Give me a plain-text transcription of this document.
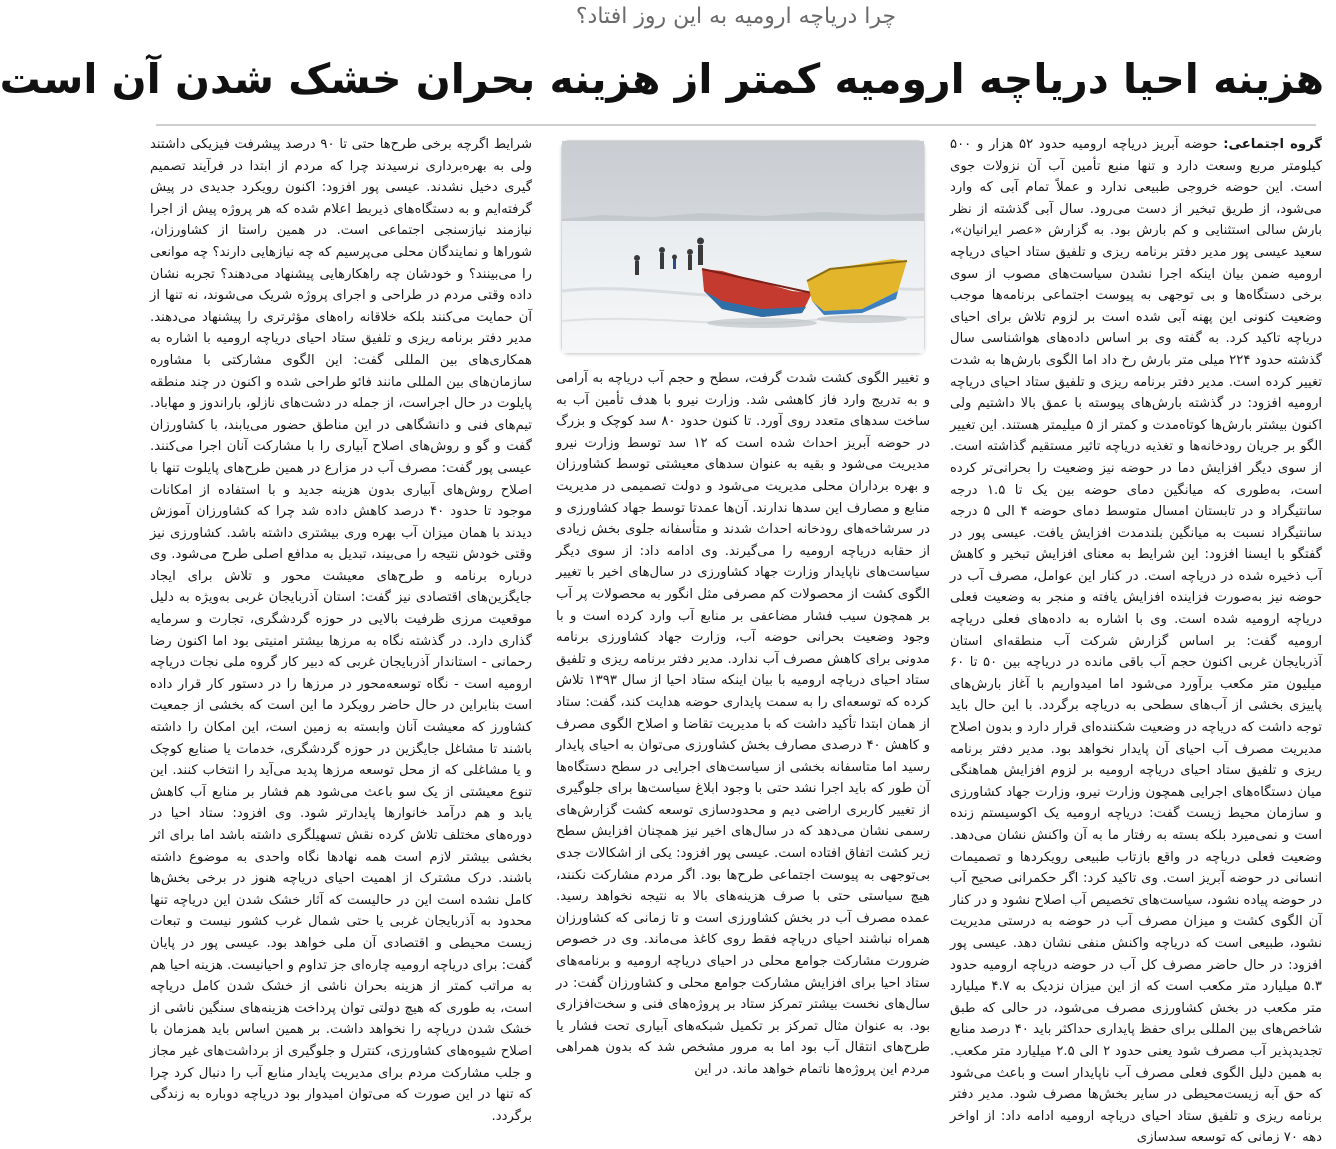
چرا دریاچه ارومیه به این روز افتاد؟
هزینه احیا دریاچه ارومیه کمتر از هزینه بحران خشک شدن آن است

گروه اجتماعی: حوضه آبریز دریاچه ارومیه حدود ۵۲ هزار و ۵۰۰ کیلومتر مربع وسعت دارد و تنها منبع تأمین آب آن نزولات جوی است. این حوضه خروجی طبیعی ندارد و عملاً تمام آبی که وارد می‌شود، از طریق تبخیر از دست می‌رود. سال آبی گذشته از نظر بارش سالی استثنایی و کم بارش بود. به گزارش «عصر ایرانیان»، سعید عیسی پور مدیر دفتر برنامه ریزی و تلفیق ستاد احیای دریاچه ارومیه ضمن بیان اینکه اجرا نشدن سیاست‌های مصوب از سوی برخی دستگاه‌ها و بی توجهی به پیوست اجتماعی برنامه‌ها موجب وضعیت کنونی این پهنه آبی شده است بر لزوم تلاش برای احیای دریاچه تاکید کرد. به گفته وی بر اساس داده‌های هواشناسی سال گذشته حدود ۲۲۴ میلی متر بارش رخ داد اما الگوی بارش‌ها به شدت تغییر کرده است. مدیر دفتر برنامه ریزی و تلفیق ستاد احیای دریاچه ارومیه افزود: در گذشته بارش‌های پیوسته با عمق بالا داشتیم ولی اکنون بیشتر بارش‌ها کوتاه‌مدت و کمتر از ۵ میلیمتر هستند. این تغییر الگو بر جریان رودخانه‌ها و تغذیه دریاچه تاثیر مستقیم گذاشته است. از سوی دیگر افزایش دما در حوضه نیز وضعیت را بحرانی‌تر کرده است، به‌طوری که میانگین دمای حوضه بین یک تا ۱.۵ درجه سانتیگراد و در تابستان امسال متوسط دمای حوضه ۴ الی ۵ درجه سانتیگراد نسبت به میانگین بلندمدت افزایش یافت. عیسی پور در گفتگو با ایسنا افزود: این شرایط به معنای افزایش تبخیر و کاهش آب ذخیره شده در دریاچه است. در کنار این عوامل، مصرف آب در حوضه نیز به‌صورت فزاینده افزایش یافته و منجر به وضعیت فعلی دریاچه ارومیه شده است. وی با اشاره به داده‌های فعلی دریاچه ارومیه گفت: بر اساس گزارش شرکت آب منطقه‌ای استان آذربایجان غربی اکنون حجم آب باقی مانده در دریاچه بین ۵۰ تا ۶۰ میلیون متر مکعب برآورد می‌شود اما امیدواریم با آغاز بارش‌های پاییزی بخشی از آب‌های سطحی به دریاچه برگردد. با این حال باید توجه داشت که دریاچه در وضعیت شکننده‌ای قرار دارد و بدون اصلاح مدیریت مصرف آب احیای آن پایدار نخواهد بود. مدیر دفتر برنامه ریزی و تلفیق ستاد احیای دریاچه ارومیه بر لزوم افزایش هماهنگی میان دستگاه‌های اجرایی همچون وزارت نیرو، وزارت جهاد کشاورزی و سازمان محیط زیست گفت: دریاچه ارومیه یک اکوسیستم زنده است و نمی‌میرد بلکه بسته به رفتار ما به آن واکنش نشان می‌دهد. وضعیت فعلی دریاچه در واقع بازتاب طبیعی رویکردها و تصمیمات انسانی در حوضه آبریز است. وی تاکید کرد: اگر حکمرانی صحیح آب در حوضه پیاده نشود، سیاست‌های تخصیص آب اصلاح نشود و در کنار آن الگوی کشت و میزان مصرف آب در حوضه به درستی مدیریت نشود، طبیعی است که دریاچه واکنش منفی نشان دهد. عیسی پور افزود: در حال حاضر مصرف کل آب در حوضه دریاچه ارومیه حدود ۵.۳ میلیارد متر مکعب است که از این میزان نزدیک به ۴.۷ میلیارد متر مکعب در بخش کشاورزی مصرف می‌شود، در حالی که طبق شاخص‌های بین المللی برای حفظ پایداری حداکثر باید ۴۰ درصد منابع تجدیدپذیر آب مصرف شود یعنی حدود ۲ الی ۲.۵ میلیارد متر مکعب. به همین دلیل الگوی فعلی مصرف آب ناپایدار است و باعث می‌شود که حق آبه زیست‌محیطی در سایر بخش‌ها مصرف شود. مدیر دفتر برنامه ریزی و تلفیق ستاد احیای دریاچه ارومیه ادامه داد: از اواخر دهه ۷۰ زمانی که توسعه سدسازی

و تغییر الگوی کشت شدت گرفت، سطح و حجم آب دریاچه به آرامی و به تدریج وارد فاز کاهشی شد. وزارت نیرو با هدف تأمین آب به ساخت سدهای متعدد روی آورد. تا کنون حدود ۸۰ سد کوچک و بزرگ در حوضه آبریز احداث شده است که ۱۲ سد توسط وزارت نیرو مدیریت می‌شود و بقیه به عنوان سدهای معیشتی توسط کشاورزان و بهره برداران محلی مدیریت می‌شود و دولت تصمیمی در مدیریت منابع و مصارف این سدها ندارند. آن‌ها عمدتا توسط جهاد کشاورزی و در سرشاخه‌های رودخانه احداث شدند و متأسفانه جلوی بخش زیادی از حقابه دریاچه ارومیه را می‌گیرند. وی ادامه داد: از سوی دیگر سیاست‌های ناپایدار وزارت جهاد کشاورزی در سال‌های اخیر با تغییر الگوی کشت از محصولات کم مصرفی مثل انگور به محصولات پر آب بر همچون سیب فشار مضاعفی بر منابع آب وارد کرده است و با وجود وضعیت بحرانی حوضه آب، وزارت جهاد کشاورزی برنامه مدونی برای کاهش مصرف آب ندارد. مدیر دفتر برنامه ریزی و تلفیق ستاد احیای دریاچه ارومیه با بیان اینکه ستاد احیا از سال ۱۳۹۳ تلاش کرده که توسعه‌ای را به سمت پایداری حوضه هدایت کند، گفت: ستاد از همان ابتدا تأکید داشت که با مدیریت تقاضا و اصلاح الگوی مصرف و کاهش ۴۰ درصدی مصارف بخش کشاورزی می‌توان به احیای پایدار رسید اما متاسفانه بخشی از سیاست‌های اجرایی در سطح دستگاه‌ها آن طور که باید اجرا نشد حتی با وجود ابلاغ سیاست‌ها برای جلوگیری از تغییر کاربری اراضی دیم و محدودسازی توسعه کشت گزارش‌های رسمی نشان می‌دهد که در سال‌های اخیر نیز همچنان افزایش سطح زیر کشت اتفاق افتاده است. عیسی پور افزود: یکی از اشکالات جدی بی‌توجهی به پیوست اجتماعی طرح‌ها بود. اگر مردم مشارکت نکنند، هیچ سیاستی حتی با صرف هزینه‌های بالا به نتیجه نخواهد رسید. عمده مصرف آب در بخش کشاورزی است و تا زمانی که کشاورزان همراه نباشند احیای دریاچه فقط روی کاغذ می‌ماند. وی در خصوص ضرورت مشارکت جوامع محلی در احیای دریاچه ارومیه و برنامه‌های ستاد احیا برای افزایش مشارکت جوامع محلی و کشاورزان گفت: در سال‌های نخست بیشتر تمرکز ستاد بر پروژه‌های فنی و سخت‌افزاری بود. به عنوان مثال تمرکز بر تکمیل شبکه‌های آبیاری تحت فشار یا طرح‌های انتقال آب بود اما به مرور مشخص شد که بدون همراهی مردم این پروژه‌ها ناتمام خواهد ماند. در این

شرایط اگرچه برخی طرح‌ها حتی تا ۹۰ درصد پیشرفت فیزیکی داشتند ولی به بهره‌برداری نرسیدند چرا که مردم از ابتدا در فرآیند تصمیم گیری دخیل نشدند. عیسی پور افزود: اکنون رویکرد جدیدی در پیش گرفته‌ایم و به دستگاه‌های ذیربط اعلام شده که هر پروژه پیش از اجرا نیازمند نیازسنجی اجتماعی است. در همین راستا از کشاورزان، شوراها و نمایندگان محلی می‌پرسیم که چه نیازهایی دارند؟ چه موانعی را می‌بینند؟ و خودشان چه راهکارهایی پیشنهاد می‌دهند؟ تجربه نشان داده وقتی مردم در طراحی و اجرای پروژه شریک می‌شوند، نه تنها از آن حمایت می‌کنند بلکه خلاقانه راه‌های مؤثرتری را پیشنهاد می‌دهند. مدیر دفتر برنامه ریزی و تلفیق ستاد احیای دریاچه ارومیه با اشاره به همکاری‌های بین المللی گفت: این الگوی مشارکتی با مشاوره سازمان‌های بین المللی مانند فائو طراحی شده و اکنون در چند منطقه پایلوت در حال اجراست، از جمله در دشت‌های نازلو، باراندوز و مهاباد. تیم‌های فنی و دانشگاهی در این مناطق حضور می‌یابند، با کشاورزان گفت و گو و روش‌های اصلاح آبیاری را با مشارکت آنان اجرا می‌کنند. عیسی پور گفت: مصرف آب در مزارع در همین طرح‌های پایلوت تنها با اصلاح روش‌های آبیاری بدون هزینه جدید و با استفاده از امکانات موجود تا حدود ۴۰ درصد کاهش داده شد چرا که کشاورزان آموزش دیدند با همان میزان آب بهره وری بیشتری داشته باشد. کشاورزی نیز وقتی خودش نتیجه را می‌بیند، تبدیل به مدافع اصلی طرح می‌شود. وی درباره برنامه و طرح‌های معیشت محور و تلاش برای ایجاد جایگزین‌های اقتصادی نیز گفت: استان آذربایجان غربی به‌ویژه به دلیل موقعیت مرزی ظرفیت بالایی در حوزه گردشگری، تجارت و سرمایه گذاری دارد. در گذشته نگاه به مرزها بیشتر امنیتی بود اما اکنون رضا رحمانی - استاندار آذربایجان غربی که دبیر کار گروه ملی نجات دریاچه ارومیه است - نگاه توسعه‌محور در مرزها را در دستور کار قرار داده است بنابراین در حال حاضر رویکرد ما این است که بخشی از جمعیت کشاورز که معیشت آنان وابسته به زمین است، این امکان را داشته باشند تا مشاغل جایگزین در حوزه گردشگری، خدمات یا صنایع کوچک و یا مشاغلی که از محل توسعه مرزها پدید می‌آید را انتخاب کنند. این تنوع معیشتی از یک سو باعث می‌شود هم فشار بر منابع آب کاهش یابد و هم درآمد خانوارها پایدارتر شود. وی افزود: ستاد احیا در دوره‌های مختلف تلاش کرده نقش تسهیلگری داشته باشد اما برای اثر بخشی بیشتر لازم است همه نهادها نگاه واحدی به موضوع داشته باشند. درک مشترک از اهمیت احیای دریاچه هنوز در برخی بخش‌ها کامل نشده است این در حالیست که آثار خشک شدن این دریاچه تنها محدود به آذربایجان غربی یا حتی شمال غرب کشور نیست و تبعات زیست محیطی و اقتصادی آن ملی خواهد بود. عیسی پور در پایان گفت: برای دریاچه ارومیه چاره‌ای جز تداوم و احیانیست. هزینه احیا هم به مراتب کمتر از هزینه بحران ناشی از خشک شدن کامل دریاچه است، به طوری که هیچ دولتی توان پرداخت هزینه‌های سنگین ناشی از خشک شدن دریاچه را نخواهد داشت. بر همین اساس باید همزمان با اصلاح شیوه‌های کشاورزی، کنترل و جلوگیری از برداشت‌های غیر مجاز و جلب مشارکت مردم برای مدیریت پایدار منابع آب را دنبال کرد چرا که تنها در این صورت که می‌توان امیدوار بود دریاچه دوباره به زندگی برگردد.
